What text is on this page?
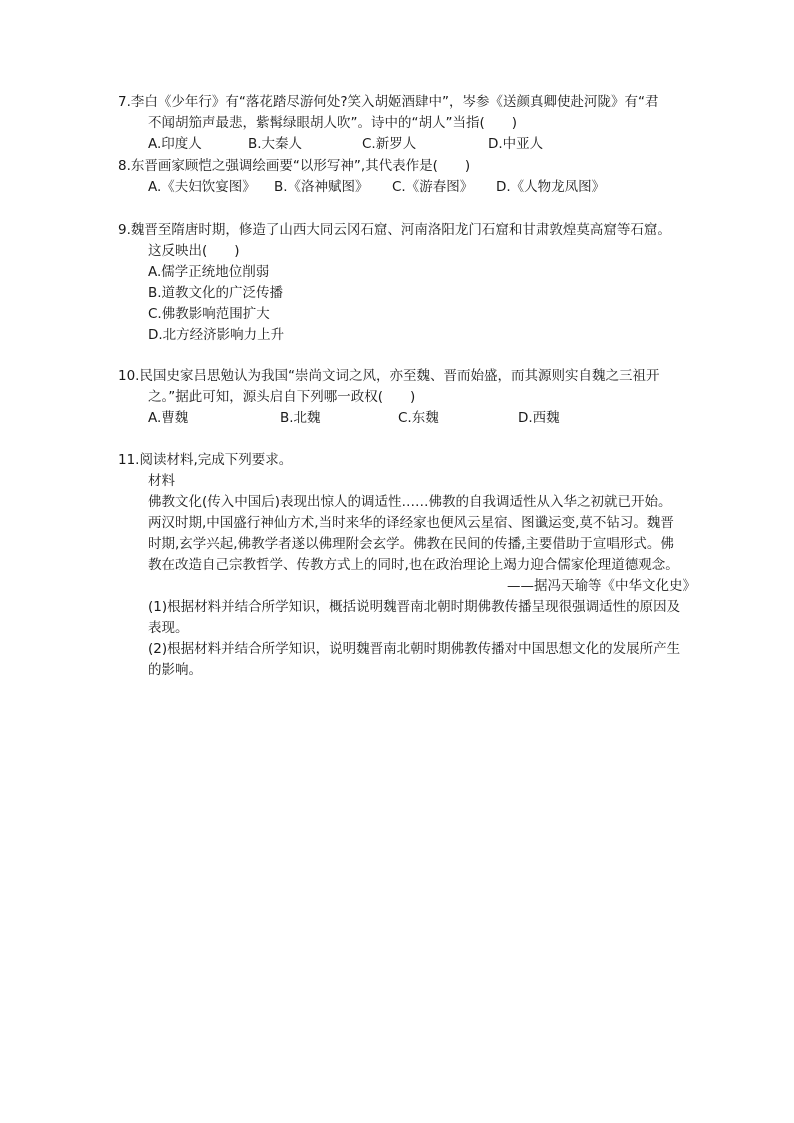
7.李白《少年行》有“落花踏尽游何处?笑入胡姬酒肆中”，岑参《送颜真卿使赴河陇》有“君
不闻胡笳声最悲，紫髯绿眼胡人吹”。诗中的“胡人”当指(　　)
A.印度人	B.大秦人	C.新罗人	D.中亚人
8.东晋画家顾恺之强调绘画要“以形写神”,其代表作是(　　)
A.《夫妇饮宴图》 B.《洛神赋图》 C.《游春图》 D.《人物龙凤图》
9.魏晋至隋唐时期，修造了山西大同云冈石窟、河南洛阳龙门石窟和甘肃敦煌莫高窟等石窟。
这反映出(　　)
A.儒学正统地位削弱
B.道教文化的广泛传播
C.佛教影响范围扩大
D.北方经济影响力上升
10.民国史家吕思勉认为我国“崇尚文词之风，亦至魏、晋而始盛，而其源则实自魏之三祖开
之。”据此可知，源头启自下列哪一政权(　　)
A.曹魏	B.北魏	C.东魏	D.西魏
11.阅读材料,完成下列要求。
材料
佛教文化(传入中国后)表现出惊人的调适性……佛教的自我调适性从入华之初就已开始。
两汉时期,中国盛行神仙方术,当时来华的译经家也便风云星宿、图谶运变,莫不钻习。魏晋
时期,玄学兴起,佛教学者遂以佛理附会玄学。佛教在民间的传播,主要借助于宣唱形式。佛
教在改造自己宗教哲学、传教方式上的同时,也在政治理论上竭力迎合儒家伦理道德观念。
——据冯天瑜等《中华文化史》
(1)根据材料并结合所学知识，概括说明魏晋南北朝时期佛教传播呈现很强调适性的原因及
表现。
(2)根据材料并结合所学知识，说明魏晋南北朝时期佛教传播对中国思想文化的发展所产生
的影响。
